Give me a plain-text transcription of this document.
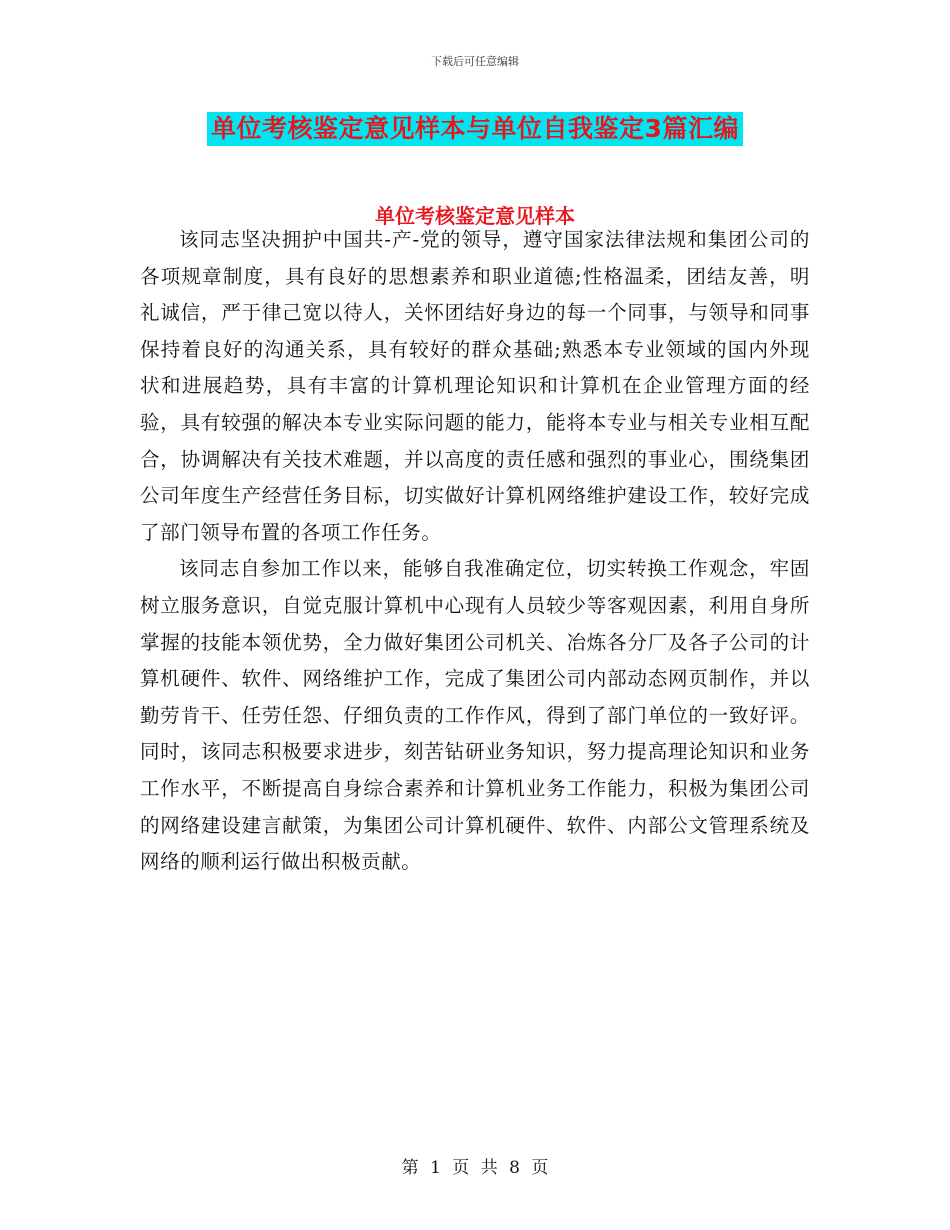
下载后可任意编辑
单位考核鉴定意见样本与单位自我鉴定3篇汇编
单位考核鉴定意见样本

该同志坚决拥护中国共-产-党的领导，遵守国家法律法规和集团公司的各项规章制度，具有良好的思想素养和职业道德;性格温柔，团结友善，明礼诚信，严于律己宽以待人，关怀团结好身边的每一个同事，与领导和同事保持着良好的沟通关系，具有较好的群众基础;熟悉本专业领域的国内外现状和进展趋势，具有丰富的计算机理论知识和计算机在企业管理方面的经验，具有较强的解决本专业实际问题的能力，能将本专业与相关专业相互配合，协调解决有关技术难题，并以高度的责任感和强烈的事业心，围绕集团公司年度生产经营任务目标，切实做好计算机网络维护建设工作，较好完成了部门领导布置的各项工作任务。

该同志自参加工作以来，能够自我准确定位，切实转换工作观念，牢固树立服务意识，自觉克服计算机中心现有人员较少等客观因素，利用自身所掌握的技能本领优势，全力做好集团公司机关、冶炼各分厂及各子公司的计算机硬件、软件、网络维护工作，完成了集团公司内部动态网页制作，并以勤劳肯干、任劳任怨、仔细负责的工作作风，得到了部门单位的一致好评。同时，该同志积极要求进步，刻苦钻研业务知识，努力提高理论知识和业务工作水平，不断提高自身综合素养和计算机业务工作能力，积极为集团公司的网络建设建言献策，为集团公司计算机硬件、软件、内部公文管理系统及网络的顺利运行做出积极贡献。

第 1 页 共 8 页
